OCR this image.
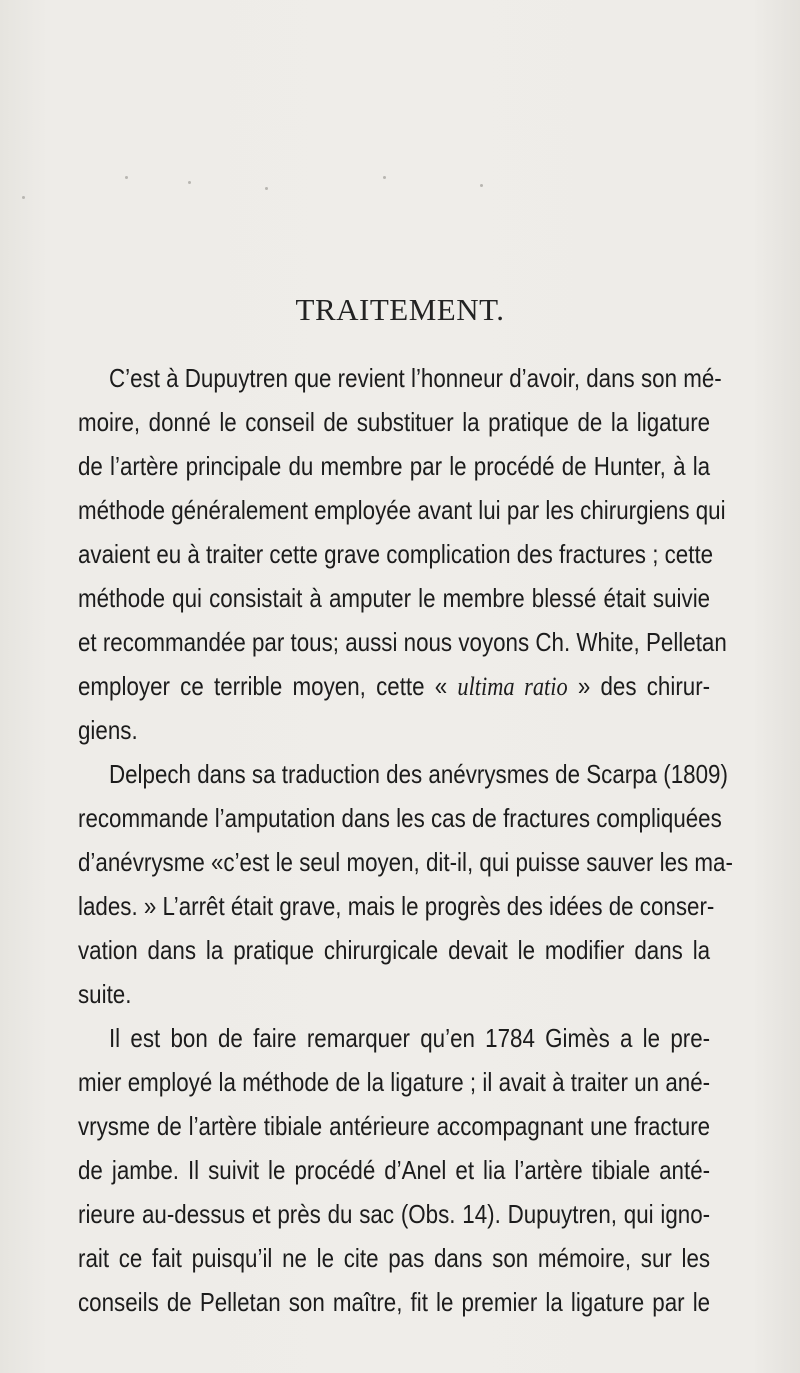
TRAITEMENT.
C’est à Dupuytren que revient l’honneur d’avoir, dans son mé-
moire, donné le conseil de substituer la pratique de la ligature
de l’artère principale du membre par le procédé de Hunter, à la
méthode généralement employée avant lui par les chirurgiens qui
avaient eu à traiter cette grave complication des fractures ; cette
méthode qui consistait à amputer le membre blessé était suivie
et recommandée par tous; aussi nous voyons Ch. White, Pelletan
employer ce terrible moyen, cette « ultima ratio » des chirur-
giens.
Delpech dans sa traduction des anévrysmes de Scarpa (1809)
recommande l’amputation dans les cas de fractures compliquées
d’anévrysme «c’est le seul moyen, dit-il, qui puisse sauver les ma-
lades. » L’arrêt était grave, mais le progrès des idées de conser-
vation dans la pratique chirurgicale devait le modifier dans la
suite.
Il est bon de faire remarquer qu’en 1784 Gimès a le pre-
mier employé la méthode de la ligature ; il avait à traiter un ané-
vrysme de l’artère tibiale antérieure accompagnant une fracture
de jambe. Il suivit le procédé d’Anel et lia l’artère tibiale anté-
rieure au-dessus et près du sac (Obs. 14). Dupuytren, qui igno-
rait ce fait puisqu’il ne le cite pas dans son mémoire, sur les
conseils de Pelletan son maître, fit le premier la ligature par le
